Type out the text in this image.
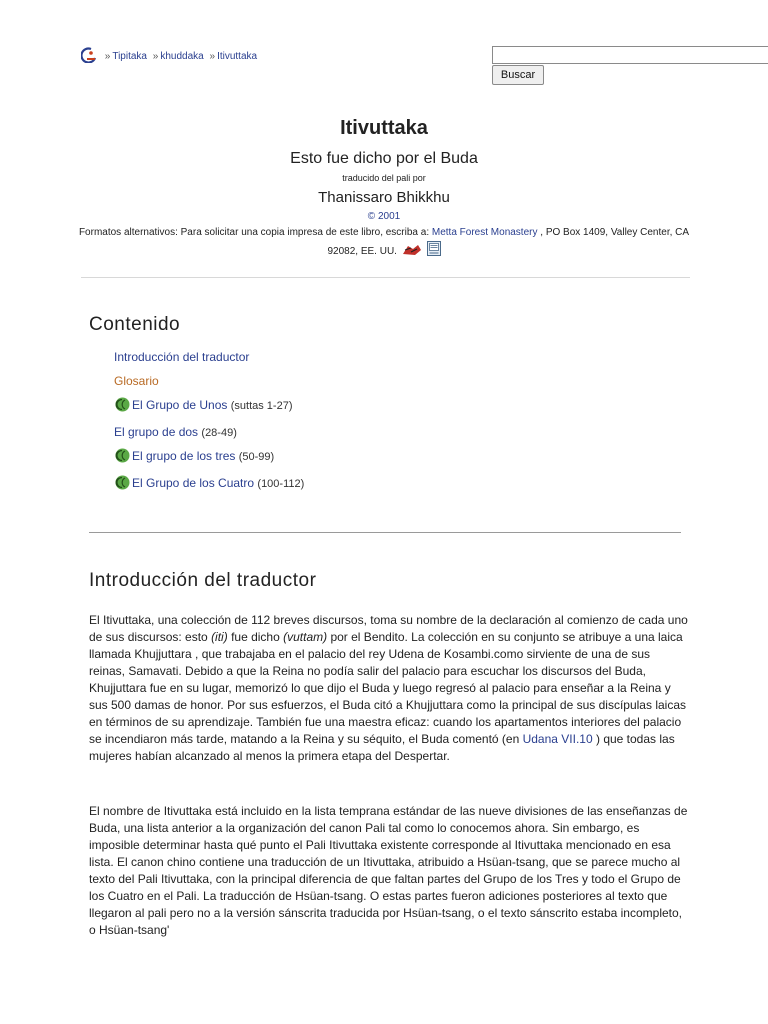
» Tipitaka » khuddaka » Itivuttaka
Buscar
Itivuttaka
Esto fue dicho por el Buda
traducido del pali por
Thanissaro Bhikkhu
© 2001
Formatos alternativos: Para solicitar una copia impresa de este libro, escriba a: Metta Forest Monastery , PO Box 1409, Valley Center, CA 92082, EE. UU.
Contenido
Introducción del traductor
Glosario
El Grupo de Unos (suttas 1-27)
El grupo de dos (28-49)
El grupo de los tres (50-99)
El Grupo de los Cuatro (100-112)
Introducción del traductor

El Itivuttaka, una colección de 112 breves discursos, toma su nombre de la declaración al comienzo de cada uno de sus discursos: esto (iti) fue dicho (vuttam) por el Bendito. La colección en su conjunto se atribuye a una laica llamada Khujjuttara , que trabajaba en el palacio del rey Udena de Kosambi.como sirviente de una de sus reinas, Samavati. Debido a que la Reina no podía salir del palacio para escuchar los discursos del Buda, Khujjuttara fue en su lugar, memorizó lo que dijo el Buda y luego regresó al palacio para enseñar a la Reina y sus 500 damas de honor. Por sus esfuerzos, el Buda citó a Khujjuttara como la principal de sus discípulas laicas en términos de su aprendizaje. También fue una maestra eficaz: cuando los apartamentos interiores del palacio se incendiaron más tarde, matando a la Reina y su séquito, el Buda comentó (en Udana VII.10 ) que todas las mujeres habían alcanzado al menos la primera etapa del Despertar.

El nombre de Itivuttaka está incluido en la lista temprana estándar de las nueve divisiones de las enseñanzas de Buda, una lista anterior a la organización del canon Pali tal como lo conocemos ahora. Sin embargo, es imposible determinar hasta qué punto el Pali Itivuttaka existente corresponde al Itivuttaka mencionado en esa lista. El canon chino contiene una traducción de un Itivuttaka, atribuido a Hsüan-tsang, que se parece mucho al texto del Pali Itivuttaka, con la principal diferencia de que faltan partes del Grupo de los Tres y todo el Grupo de los Cuatro en el Pali. La traducción de Hsüan-tsang. O estas partes fueron adiciones posteriores al texto que llegaron al pali pero no a la versión sánscrita traducida por Hsüan-tsang, o el texto sánscrito estaba incompleto, o Hsüan-tsang'
